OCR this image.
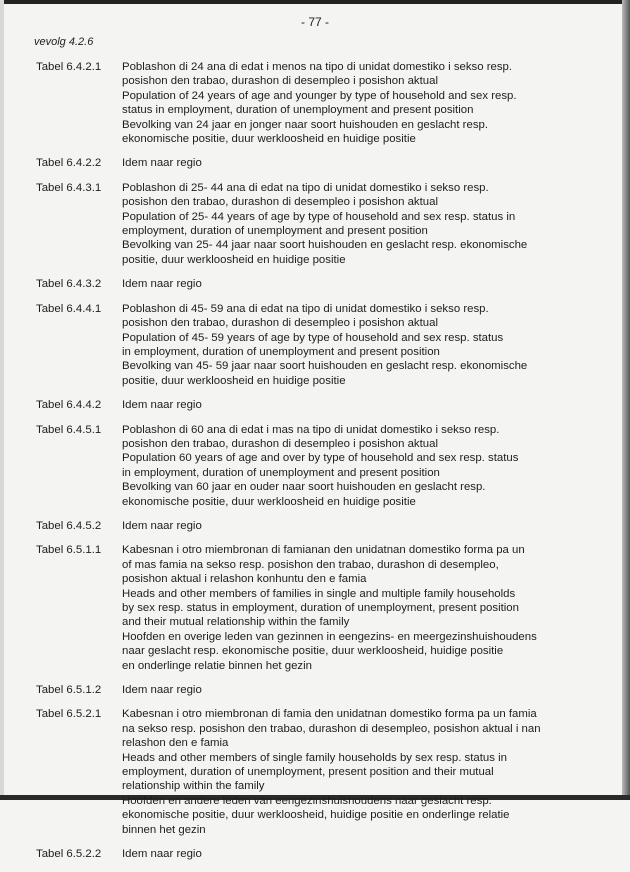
- 77 -
vevolg 4.2.6
Tabel 6.4.2.1	Poblashon di 24 ana di edat i menos na tipo di unidat domestiko i sekso resp.
posishon den trabao, durashon di desempleo i posishon aktual
Population of 24 years of age and younger by type of household and sex resp.
status in employment, duration of unemployment and present position
Bevolking van 24 jaar en jonger naar soort huishouden en geslacht resp.
ekonomische positie, duur werkloosheid en huidige positie
Tabel 6.4.2.2	Idem naar regio
Tabel 6.4.3.1	Poblashon di 25- 44 ana di edat na tipo di unidat domestiko i sekso resp.
posishon den trabao, durashon di desempleo i posishon aktual
Population of 25- 44 years of age by type of household and sex resp. status in
employment, duration of unemployment and present position
Bevolking van 25- 44 jaar naar soort huishouden en geslacht resp. ekonomische
positie, duur werkloosheid en huidige positie
Tabel 6.4.3.2	Idem naar regio
Tabel 6.4.4.1	Poblashon di 45- 59 ana di edat na tipo di unidat domestiko i sekso resp.
posishon den trabao, durashon di desempleo i posishon aktual
Population of 45- 59 years of age by type of household and sex resp. status
in employment, duration of unemployment and present position
Bevolking van 45- 59 jaar naar soort huishouden en geslacht resp. ekonomische
positie, duur werkloosheid en huidige positie
Tabel 6.4.4.2	Idem naar regio
Tabel 6.4.5.1	Poblashon di 60 ana di edat i mas na tipo di unidat domestiko i sekso resp.
posishon den trabao, durashon di desempleo i posishon aktual
Population 60 years of age and over by type of household and sex resp. status
in employment, duration of unemployment and present position
Bevolking van 60 jaar en ouder naar soort huishouden en geslacht resp.
ekonomische positie, duur werkloosheid en huidige positie
Tabel 6.4.5.2	Idem naar regio
Tabel 6.5.1.1	Kabesnan i otro miembronan di famianan den unidatnan domestiko forma pa un
of mas famia na sekso resp. posishon den trabao, durashon di desempleo,
posishon aktual i relashon konhuntu den e famia
Heads and other members of families in single and multiple family households
by sex resp. status in employment, duration of unemployment, present position
and their mutual relationship within the family
Hoofden en overige leden van gezinnen in eengezins- en meergezinshuishoudens
naar geslacht resp. ekonomische positie, duur werkloosheid, huidige positie
en onderlinge relatie binnen het gezin
Tabel 6.5.1.2	Idem naar regio
Tabel 6.5.2.1	Kabesnan i otro miembronan di famia den unidatnan domestiko forma pa un famia
na sekso resp. posishon den trabao, durashon di desempleo, posishon aktual i nan
relashon den e famia
Heads and other members of single family households by sex resp. status in
employment, duration of unemployment, present position and their mutual
relationship within the family
Hoofden en andere leden van eengezinshuishoudens naar geslacht resp.
ekonomische positie, duur werkloosheid, huidige positie en onderlinge relatie
binnen het gezin
Tabel 6.5.2.2	Idem naar regio
